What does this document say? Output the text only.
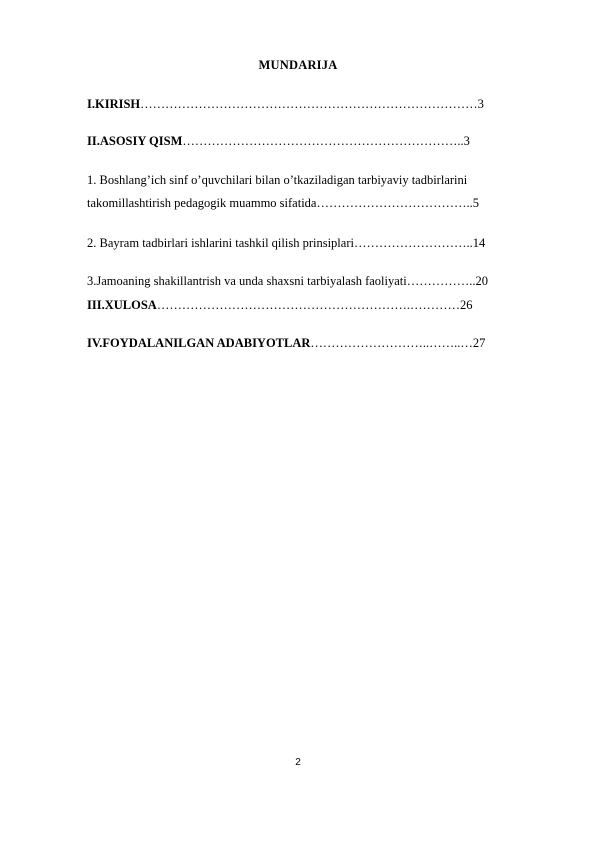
MUNDARIJA
I.KIRISH………………………………………………………………………3
II.ASOSIY QISM…………………………………………………………..3
1. Boshlang’ich sinf o’quvchilari bilan o’tkaziladigan tarbiyaviy tadbirlarini
takomillashtirish pedagogik muammo sifatida………………………………..5
2. Bayram tadbirlari ishlarini tashkil qilish prinsiplari………………………..14
3.Jamoaning shakillantrish va unda shaxsni tarbiyalash faoliyati……………..20
III.XULOSA…………………………………………………….…………26
IV.FOYDALANILGAN ADABIYOTLAR………………………..……..…27
2
